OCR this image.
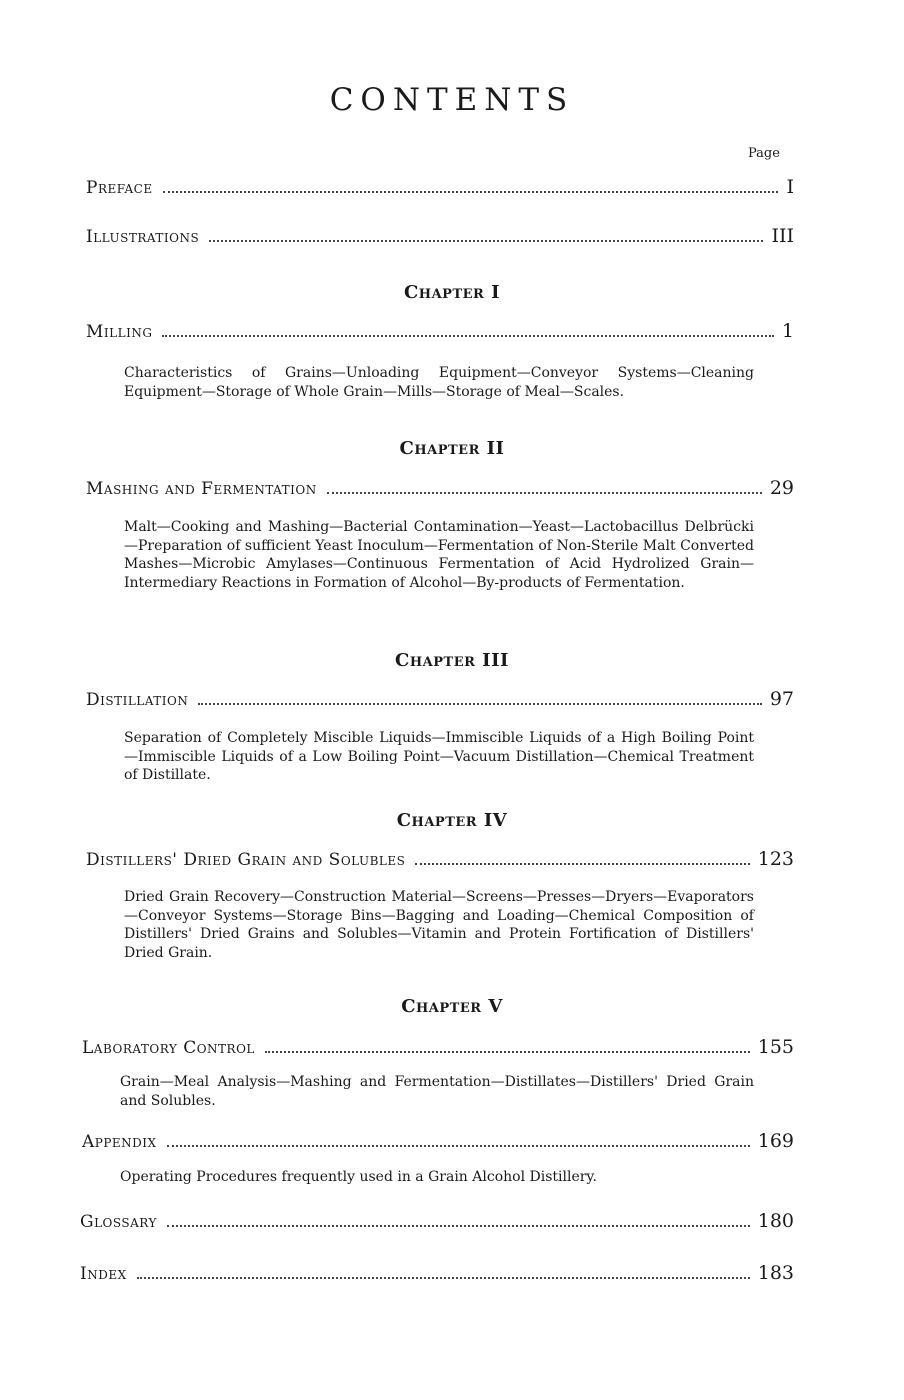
CONTENTS
Page
Preface	I
Illustrations	III
Chapter I
Milling	1

Characteristics of Grains—Unloading Equipment—Conveyor Systems—Cleaning Equipment—Storage of Whole Grain—Mills—Storage of Meal—Scales.

Chapter II
Mashing and Fermentation	29

Malt—Cooking and Mashing—Bacterial Contamination—Yeast—Lactobacillus Delbrücki—Preparation of sufficient Yeast Inoculum—Fermentation of Non-Sterile Malt Converted Mashes—Microbic Amylases—Continuous Fermentation of Acid Hydrolized Grain—Intermediary Reactions in Formation of Alcohol—By-products of Fermentation.

Chapter III
Distillation	97

Separation of Completely Miscible Liquids—Immiscible Liquids of a High Boiling Point—Immiscible Liquids of a Low Boiling Point—Vacuum Distillation—Chemical Treatment of Distillate.

Chapter IV
Distillers' Dried Grain and Solubles	123

Dried Grain Recovery—Construction Material—Screens—Presses—Dryers—Evaporators—Conveyor Systems—Storage Bins—Bagging and Loading—Chemical Composition of Distillers' Dried Grains and Solubles—Vitamin and Protein Fortification of Distillers' Dried Grain.

Chapter V
Laboratory Control	155

Grain—Meal Analysis—Mashing and Fermentation—Distillates—Distillers' Dried Grain and Solubles.

Appendix	169

Operating Procedures frequently used in a Grain Alcohol Distillery.

Glossary	180
Index	183
